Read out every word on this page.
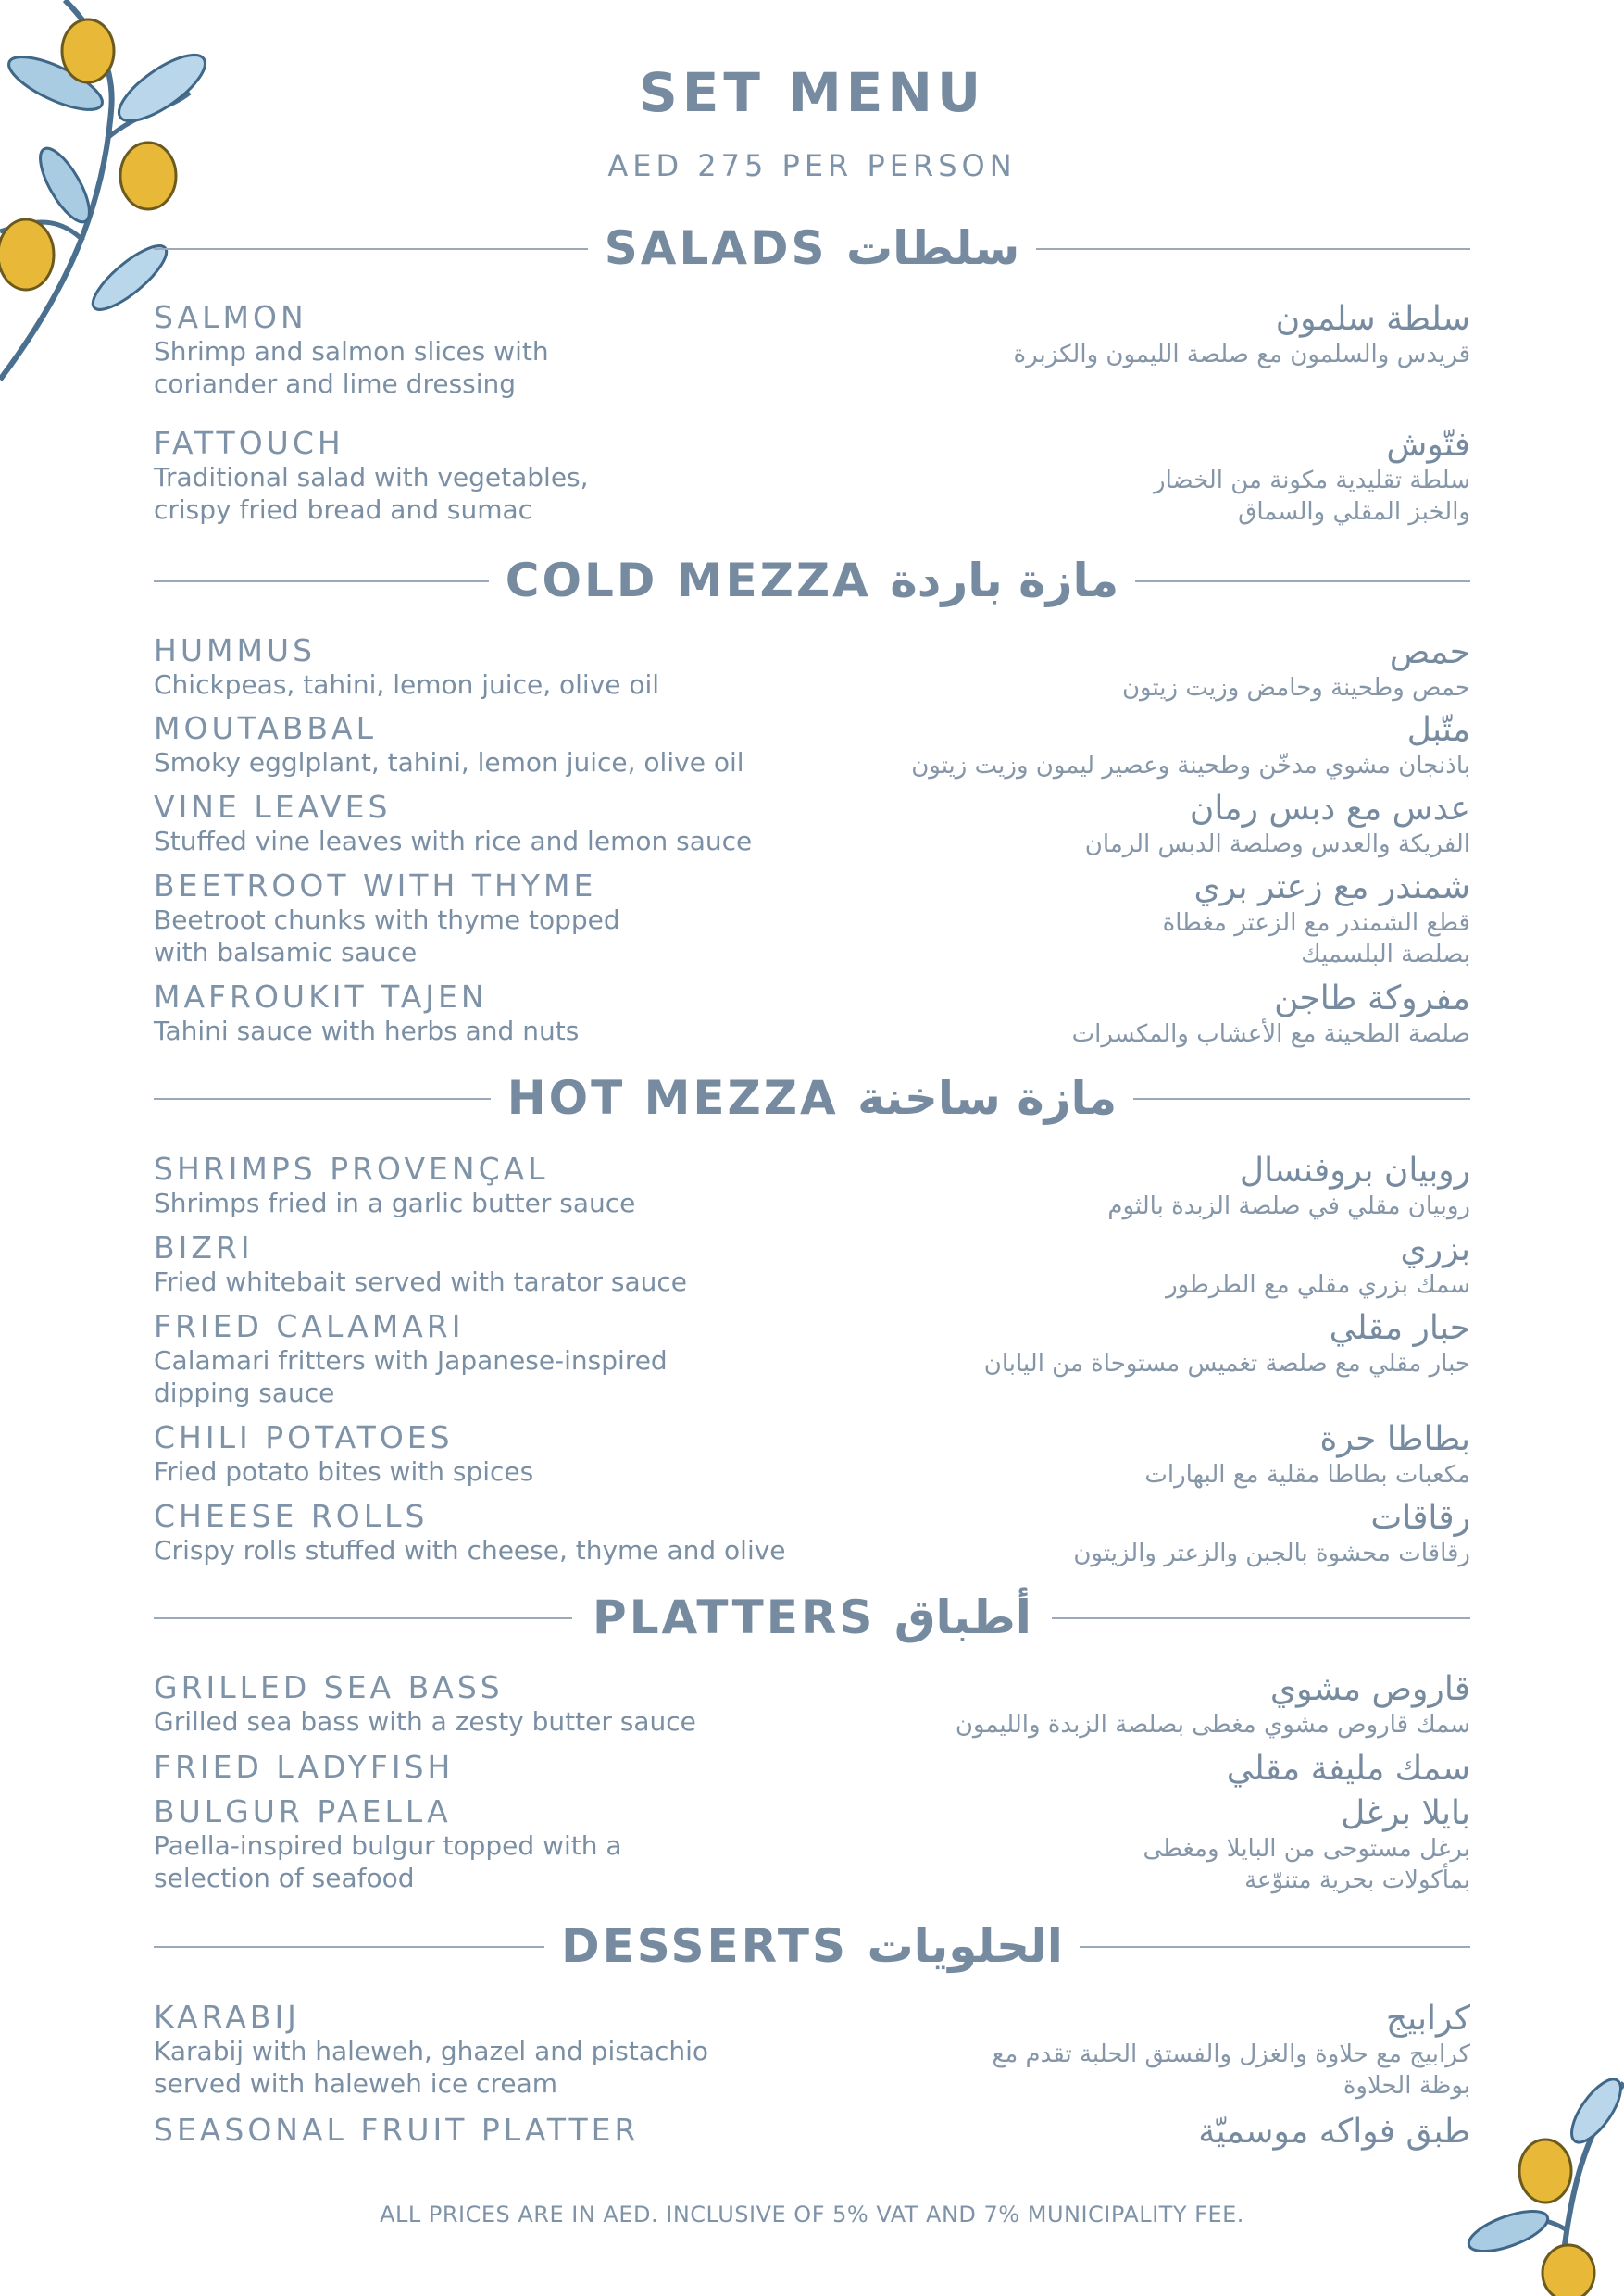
SET MENU
AED 275 PER PERSON
SALADS سلطات
SALMON
Shrimp and salmon slices with coriander and lime dressing
سلطة سلمون
قريدس والسلمون مع صلصة الليمون والكزبرة
FATTOUCH
Traditional salad with vegetables, crispy fried bread and sumac
فتّوش
سلطة تقليدية مكونة من الخضار والخبز المقلي والسماق
COLD MEZZA مازة باردة
HUMMUS
Chickpeas, tahini, lemon juice, olive oil
حمص
حمص وطحينة وحامض وزيت زيتون
MOUTABBAL
Smoky egglplant, tahini, lemon juice, olive oil
متّبل
باذنجان مشوي مدخّن وطحينة وعصير ليمون وزيت زيتون
VINE LEAVES
Stuffed vine leaves with rice and lemon sauce
عدس مع دبس رمان
الفريكة والعدس وصلصة الدبس الرمان
BEETROOT WITH THYME
Beetroot chunks with thyme topped with balsamic sauce
شمندر مع زعتر بري
قطع الشمندر مع الزعتر مغطاة بصلصة البلسميك
MAFROUKIT TAJEN
Tahini sauce with herbs and nuts
مفروكة طاجن
صلصة الطحينة مع الأعشاب والمكسرات
HOT MEZZA مازة ساخنة
SHRIMPS PROVENÇAL
Shrimps fried in a garlic butter sauce
روبيان بروفنسال
روبيان مقلي في صلصة الزبدة بالثوم
BIZRI
Fried whitebait served with tarator sauce
بزري
سمك بزري مقلي مع الطرطور
FRIED CALAMARI
Calamari fritters with Japanese-inspired dipping sauce
حبار مقلي
حبار مقلي مع صلصة تغميس مستوحاة من اليابان
CHILI POTATOES
Fried potato bites with spices
بطاطا حرة
مكعبات بطاطا مقلية مع البهارات
CHEESE ROLLS
Crispy rolls stuffed with cheese, thyme and olive
رقاقات
رقاقات محشوة بالجبن والزعتر والزيتون
PLATTERS أطباق
GRILLED SEA BASS
Grilled sea bass with a zesty butter sauce
قاروص مشوي
سمك قاروص مشوي مغطى بصلصة الزبدة والليمون
FRIED LADYFISH	سمك مليفة مقلي
BULGUR PAELLA
Paella-inspired bulgur topped with a selection of seafood
بايلا برغل
برغل مستوحى من البايلا ومغطى بمأكولات بحرية متنوّعة
DESSERTS الحلويات
KARABIJ
Karabij with haleweh, ghazel and pistachio served with haleweh ice cream
كرابيج
كرابيج مع حلاوة والغزل والفستق الحلبة تقدم مع بوظة الحلاوة
SEASONAL FRUIT PLATTER	طبق فواكه موسميّة
ALL PRICES ARE IN AED. INCLUSIVE OF 5% VAT AND 7% MUNICIPALITY FEE.
